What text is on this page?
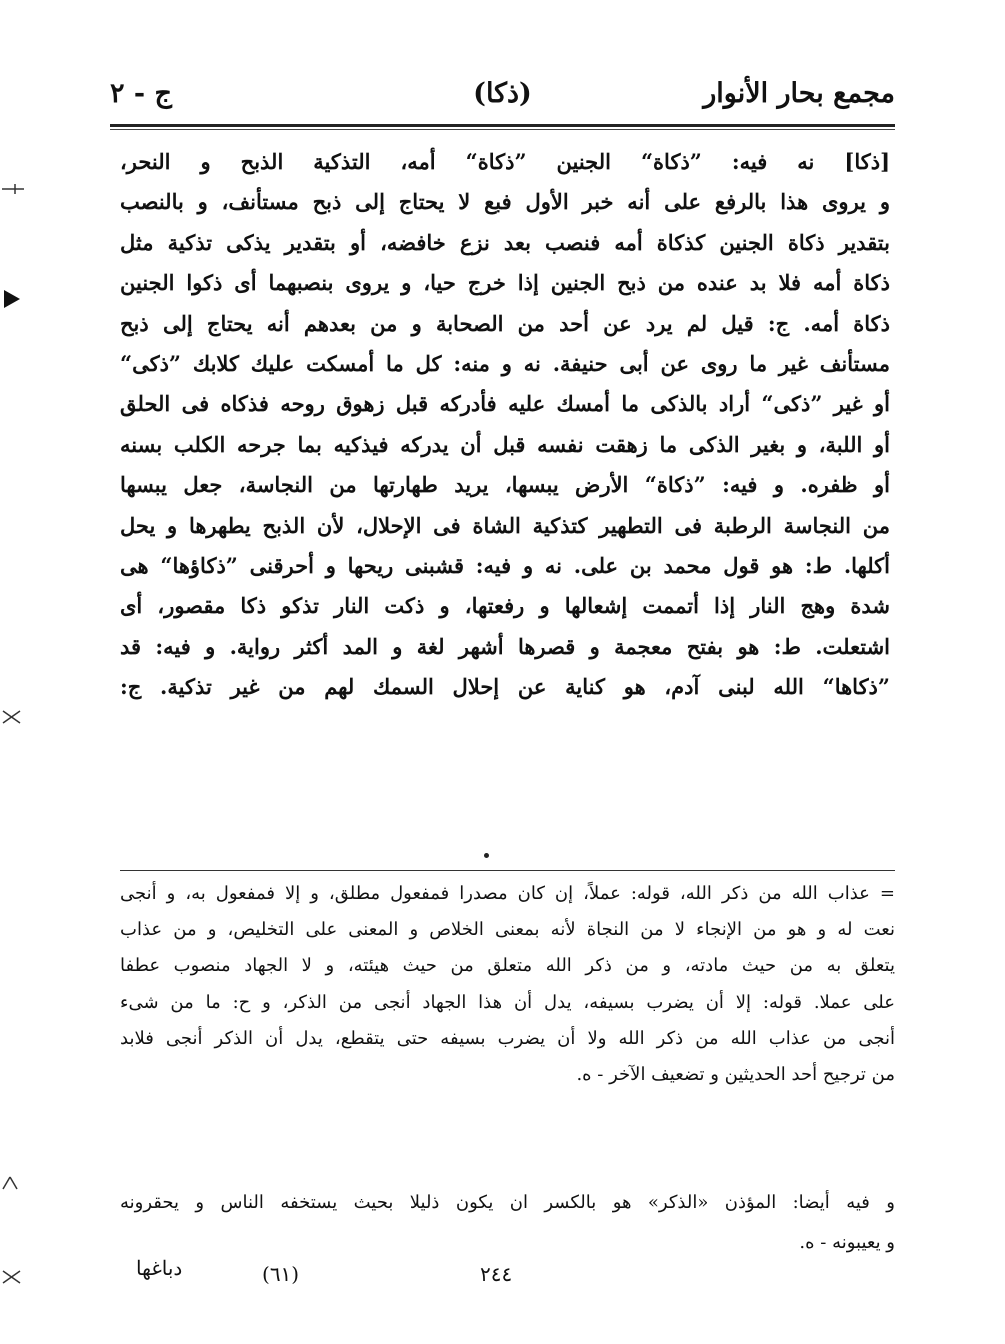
مجمع بحار الأنوار
(ذكا)
ج - ٢
[ذكا] نه فيه: ”ذكاة“ الجنين ”ذكاة“ أمه، التذكية الذبح و النحر،
و يروى هذا بالرفع على أنه خبر الأول فبع لا يحتاج إلى ذبح مستأنف، و بالنصب
بتقدير ذكاة الجنين كذكاة أمه فنصب بعد نزع خافضه، أو بتقدير يذكى تذكية مثل
ذكاة أمه فلا بد عنده من ذبح الجنين إذا خرج حيا، و يروى بنصبهما أى ذكوا الجنين
ذكاة أمه. ج: قيل لم يرد عن أحد من الصحابة و من بعدهم أنه يحتاج إلى ذبح
مستأنف غير ما روى عن أبى حنيفة. نه و منه: كل ما أمسكت عليك كلابك ”ذكى“
أو غير ”ذكى“ أراد بالذكى ما أمسك عليه فأدركه قبل زهوق روحه فذكاه فى الحلق
أو اللبة، و بغير الذكى ما زهقت نفسه قبل أن يدركه فيذكيه بما جرحه الكلب بسنه
أو ظفره. و فيه: ”ذكاة“ الأرض يبسها، يريد طهارتها من النجاسة، جعل يبسها
من النجاسة الرطبة فى التطهير كتذكية الشاة فى الإحلال، لأن الذبح يطهرها و يحل
أكلها. ط: هو قول محمد بن على. نه و فيه: قشبنى ريحها و أحرقنى ”ذكاؤها“ هى
شدة وهج النار إذا أتممت إشعالها و رفعتها، و ذكت النار تذكو ذكا مقصور، أى
اشتعلت. ط: هو بفتح معجمة و قصرها أشهر لغة و المد أكثر رواية. و فيه: قد
”ذكاها“ الله لبنى آدم، هو كناية عن إحلال السمك لهم من غير تذكية. ج:
= عذاب الله من ذكر الله، قوله: عملاً، إن كان مصدرا فمفعول مطلق، و إلا فمفعول به، و أنجى
نعت له و هو من الإنجاء لا من النجاة لأنه بمعنى الخلاص و المعنى على التخليص، و من عذاب
يتعلق به من حيث مادته، و من ذكر الله متعلق من حيث هيئته، و لا الجهاد منصوب عطفا
على عملا. قوله: إلا أن يضرب بسيفه، يدل أن هذا الجهاد أنجى من الذكر، و ح: ما من شىء
أنجى من عذاب الله من ذكر الله ولا أن يضرب بسيفه حتى يتقطع، يدل أن الذكر أنجى فلابد
من ترجيح أحد الحديثين و تضعيف الآخر - ه.
و فيه أيضا: المؤذن «الذكر» هو بالكسر ان يكون ذليلا بحيث يستخفه الناس و يحقرونه
و يعيبونه - ه.
٢٤٤
(٦١)
دباغها
